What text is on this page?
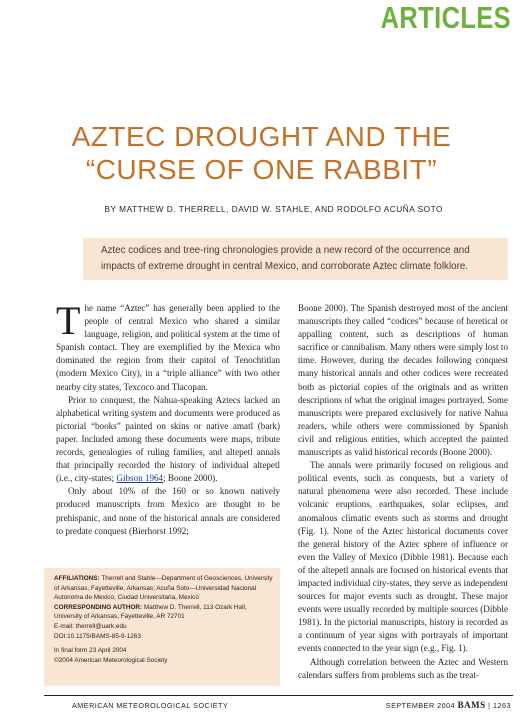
ARTICLES
AZTEC DROUGHT AND THE
“CURSE OF ONE RABBIT”
BY MATTHEW D. THERRELL, DAVID W. STAHLE, AND RODOLFO ACUÑA SOTO

Aztec codices and tree-ring chronologies provide a new record of the occurrence and impacts of extreme drought in central Mexico, and corroborate Aztec climate folklore.

The name “Aztec” has generally been applied to the people of central Mexico who shared a similar language, religion, and political system at the time of Spanish contact. They are exemplified by the Mexica who dominated the region from their capitol of Tenochtitlan (modern Mexico City), in a “triple alliance” with two other nearby city states, Texcoco and Tlacopan.

Prior to conquest, the Nahua-speaking Aztecs lacked an alphabetical writing system and documents were produced as pictorial “books” painted on skins or native amatl (bark) paper. Included among these documents were maps, tribute records, genealogies of ruling families, and altepetl annals that principally recorded the history of individual altepetl (i.e., city-states; Gibson 1964; Boone 2000).

Only about 10% of the 160 or so known natively produced manuscripts from Mexico are thought to be prehispanic, and none of the historical annals are considered to predate conquest (Bierhorst 1992;

Boone 2000). The Spanish destroyed most of the ancient manuscripts they called “codices” because of heretical or appalling content, such as descriptions of human sacrifice or cannibalism. Many others were simply lost to time. However, during the decades following conquest many historical annals and other codices were recreated both as pictorial copies of the originals and as written descriptions of what the original images portrayed. Some manuscripts were prepared exclusively for native Nahua readers, while others were commissioned by Spanish civil and religious entities, which accepted the painted manuscripts as valid historical records (Boone 2000).

The annals were primarily focused on religious and political events, such as conquests, but a variety of natural phenomena were also recorded. These include volcanic eruptions, earthquakes, solar eclipses, and anomalous climatic events such as storms and drought (Fig. 1). None of the Aztec historical documents cover the general history of the Aztec sphere of influence or even the Valley of Mexico (Dibble 1981). Because each of the altepetl annals are focused on historical events that impacted individual city-states, they serve as independent sources for major events such as drought. These major events were usually recorded by multiple sources (Dibble 1981). In the pictorial manuscripts, history is recorded as a continuum of year signs with portrayals of important events connected to the year sign (e.g., Fig. 1).

Although correlation between the Aztec and Western calendars suffers from problems such as the treat-

AFFILIATIONS: Therrell and Stahle—Department of Geosciences, University of Arkansas, Fayetteville, Arkansas; Acuña Soto—Universidad Nacional Autonoma de Mexico, Ciudad Universitaria, Mexico
CORRESPONDING AUTHOR: Matthew D. Therrell, 113 Ozark Hall, University of Arkansas, Fayetteville, AR 72701
E-mail: therrell@uark.edu
DOI:10.1175/BAMS-85-9-1263
In final form 23 April 2004
©2004 American Meteorological Society
AMERICAN METEOROLOGICAL SOCIETY	SEPTEMBER 2004 BAMS | 1263
